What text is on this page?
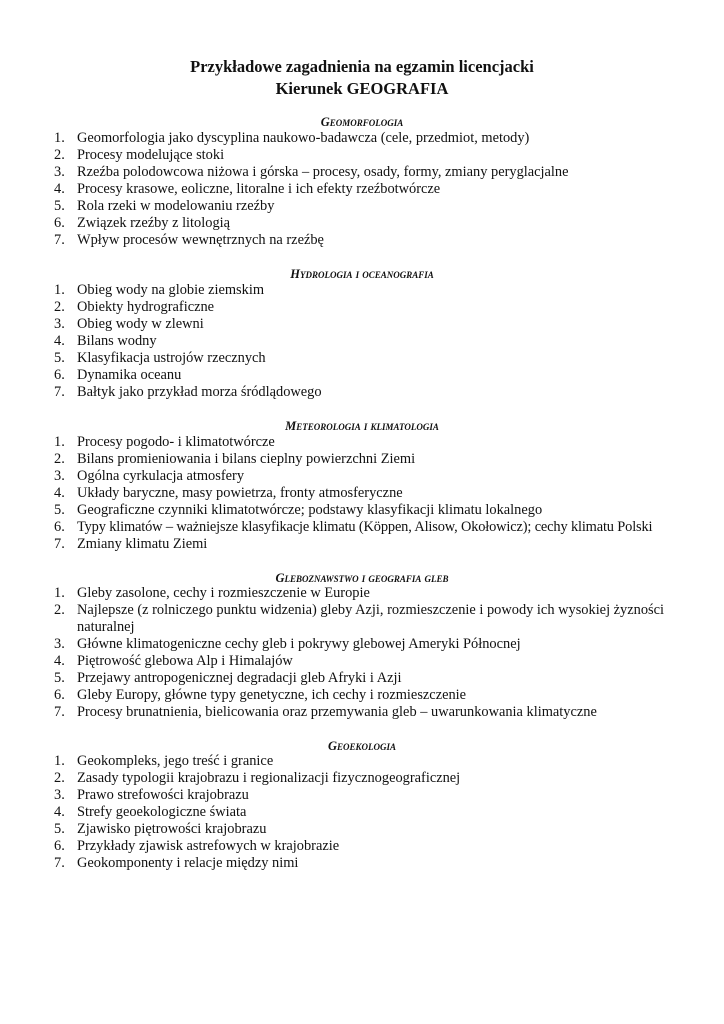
Przykładowe zagadnienia na egzamin licencjacki
Kierunek GEOGRAFIA
Geomorfologia
1. Geomorfologia jako dyscyplina naukowo-badawcza (cele, przedmiot, metody)
2. Procesy modelujące stoki
3. Rzeźba polodowcowa niżowa i górska – procesy, osady, formy, zmiany peryglacjalne
4. Procesy krasowe, eoliczne, litoralne i ich efekty rzeźbotwórcze
5. Rola rzeki w modelowaniu rzeźby
6. Związek rzeźby z litologią
7. Wpływ procesów wewnętrznych na rzeźbę
Hydrologia i oceanografia
1. Obieg wody na globie ziemskim
2. Obiekty hydrograficzne
3. Obieg wody w zlewni
4. Bilans wodny
5. Klasyfikacja ustrojów rzecznych
6. Dynamika oceanu
7. Bałtyk jako przykład morza śródlądowego
Meteorologia i klimatologia
1. Procesy pogodo- i klimatotwórcze
2. Bilans promieniowania i bilans cieplny powierzchni Ziemi
3. Ogólna cyrkulacja atmosfery
4. Układy baryczne, masy powietrza, fronty atmosferyczne
5. Geograficzne czynniki klimatotwórcze; podstawy klasyfikacji klimatu lokalnego
6. Typy klimatów – ważniejsze klasyfikacje klimatu (Köppen, Alisow, Okołowicz); cechy klimatu Polski
7. Zmiany klimatu Ziemi
Gleboznawstwo i geografia gleb
1. Gleby zasolone, cechy i rozmieszczenie w Europie
2. Najlepsze (z rolniczego punktu widzenia) gleby Azji, rozmieszczenie i powody ich wysokiej żyzności naturalnej
3. Główne klimatogeniczne cechy gleb i pokrywy glebowej Ameryki Północnej
4. Piętrowość glebowa Alp i Himalajów
5. Przejawy antropogenicznej degradacji gleb Afryki i Azji
6. Gleby Europy, główne typy genetyczne, ich cechy i rozmieszczenie
7. Procesy brunatnienia, bielicowania oraz przemywania gleb – uwarunkowania klimatyczne
Geoekologia
1. Geokompleks, jego treść i granice
2. Zasady typologii krajobrazu i regionalizacji fizycznogeograficznej
3. Prawo strefowości krajobrazu
4. Strefy geoekologiczne świata
5. Zjawisko piętrowości krajobrazu
6. Przykłady zjawisk astrefowych w krajobrazie
7. Geokomponenty i relacje między nimi
